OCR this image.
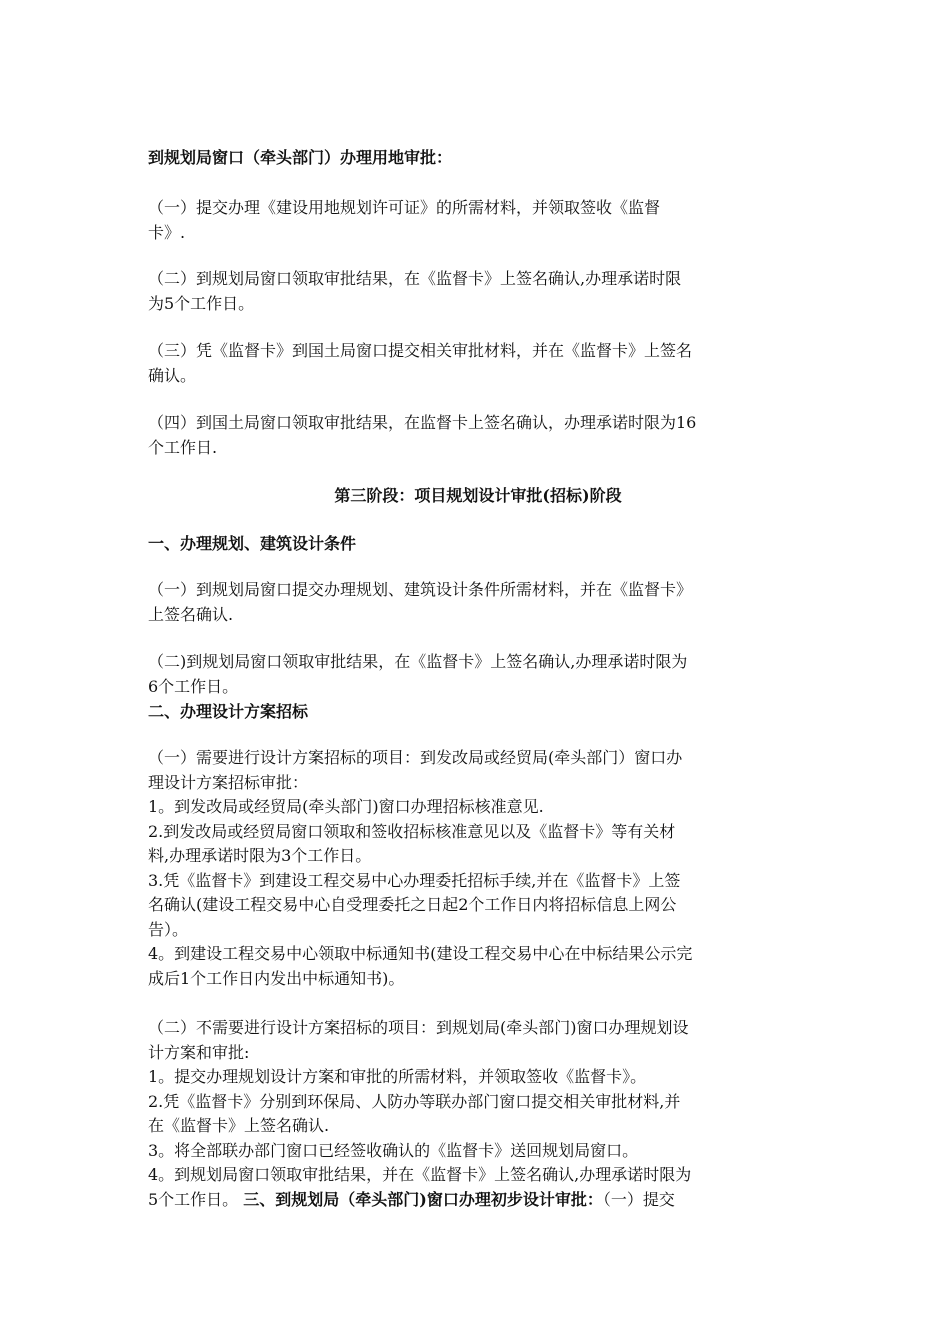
到规划局窗口（牵头部门）办理用地审批：

（一）提交办理《建设用地规划许可证》的所需材料，并领取签收《监督
卡》.

（二）到规划局窗口领取审批结果，在《监督卡》上签名确认,办理承诺时限
为5个工作日。

（三）凭《监督卡》到国土局窗口提交相关审批材料，并在《监督卡》上签名
确认。

（四）到国土局窗口领取审批结果，在监督卡上签名确认，办理承诺时限为16
个工作日.

第三阶段：项目规划设计审批(招标)阶段

一、办理规划、建筑设计条件

（一）到规划局窗口提交办理规划、建筑设计条件所需材料，并在《监督卡》
上签名确认.

（二)到规划局窗口领取审批结果，在《监督卡》上签名确认,办理承诺时限为
6个工作日。

二、办理设计方案招标

（一）需要进行设计方案招标的项目：到发改局或经贸局(牵头部门）窗口办
理设计方案招标审批：
1。到发改局或经贸局(牵头部门)窗口办理招标核准意见.
2.到发改局或经贸局窗口领取和签收招标核准意见以及《监督卡》等有关材
料,办理承诺时限为3个工作日。
3.凭《监督卡》到建设工程交易中心办理委托招标手续,并在《监督卡》上签
名确认(建设工程交易中心自受理委托之日起2个工作日内将招标信息上网公
告）。
4。到建设工程交易中心领取中标通知书(建设工程交易中心在中标结果公示完
成后1个工作日内发出中标通知书)。

（二）不需要进行设计方案招标的项目：到规划局(牵头部门)窗口办理规划设
计方案和审批:
1。提交办理规划设计方案和审批的所需材料，并领取签收《监督卡》。
2.凭《监督卡》分别到环保局、人防办等联办部门窗口提交相关审批材料,并
在《监督卡》上签名确认.
3。将全部联办部门窗口已经签收确认的《监督卡》送回规划局窗口。
4。到规划局窗口领取审批结果，并在《监督卡》上签名确认,办理承诺时限为
5个工作日。 三、到规划局（牵头部门)窗口办理初步设计审批：（一）提交
